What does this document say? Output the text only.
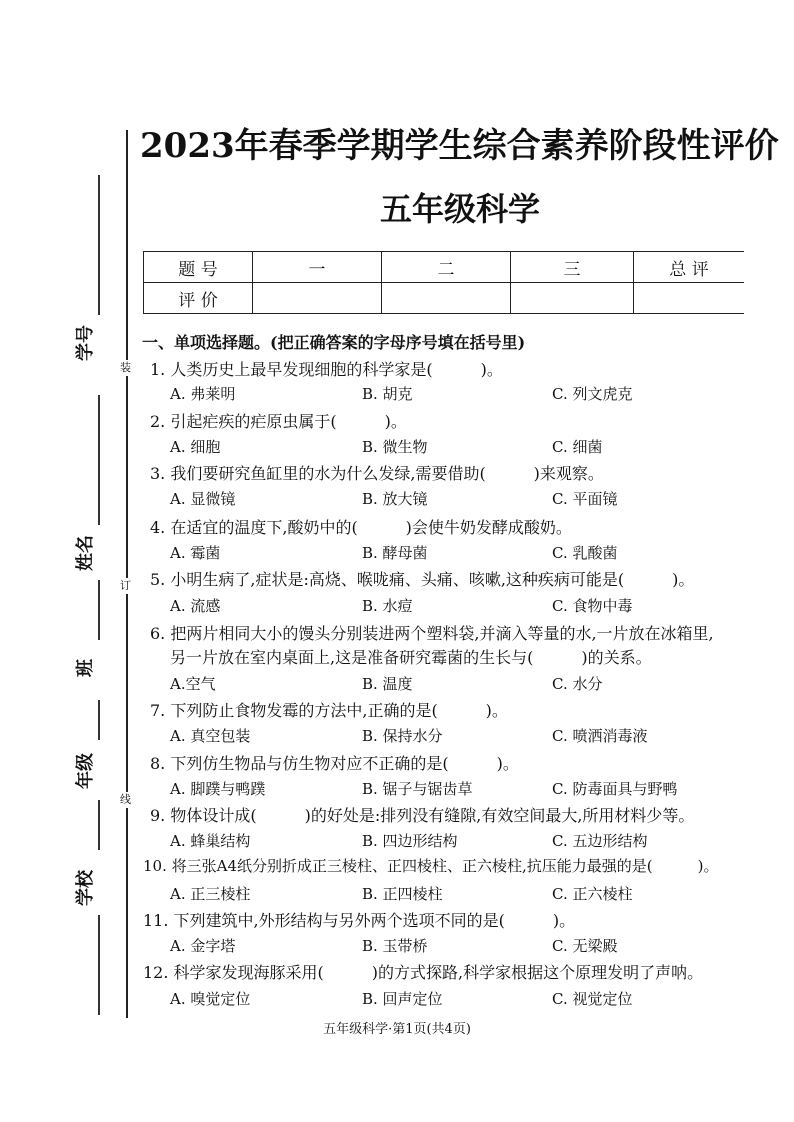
装
订
线
学号
姓名
班
年级
学校
2023年春季学期学生综合素养阶段性评价
五年级科学
题 号	一	二	三	总 评
评 价				
一、单项选择题。(把正确答案的字母序号填在括号里)
1. 人类历史上最早发现细胞的科学家是(　　　)。
A. 弗莱明	B. 胡克	C. 列文虎克
2. 引起疟疾的疟原虫属于(　　　)。
A. 细胞	B. 微生物	C. 细菌
3. 我们要研究鱼缸里的水为什么发绿,需要借助(　　　)来观察。
A. 显微镜	B. 放大镜	C. 平面镜
4. 在适宜的温度下,酸奶中的(　　　)会使牛奶发酵成酸奶。
A. 霉菌	B. 酵母菌	C. 乳酸菌
5. 小明生病了,症状是:高烧、喉咙痛、头痛、咳嗽,这种疾病可能是(　　　)。
A. 流感	B. 水痘	C. 食物中毒
6. 把两片相同大小的馒头分别装进两个塑料袋,并滴入等量的水,一片放在冰箱里,
另一片放在室内桌面上,这是准备研究霉菌的生长与(　　　)的关系。
A.空气	B. 温度	C. 水分
7. 下列防止食物发霉的方法中,正确的是(　　　)。
A. 真空包装	B. 保持水分	C. 喷洒消毒液
8. 下列仿生物品与仿生物对应不正确的是(　　　)。
A. 脚蹼与鸭蹼	B. 锯子与锯齿草	C. 防毒面具与野鸭
9. 物体设计成(　　　)的好处是:排列没有缝隙,有效空间最大,所用材料少等。
A. 蜂巢结构	B. 四边形结构	C. 五边形结构
10. 将三张A4纸分别折成正三棱柱、正四棱柱、正六棱柱,抗压能力最强的是(　　　)。
A. 正三棱柱	B. 正四棱柱	C. 正六棱柱
11. 下列建筑中,外形结构与另外两个选项不同的是(　　　)。
A. 金字塔	B. 玉带桥	C. 无梁殿
12. 科学家发现海豚采用(　　　)的方式探路,科学家根据这个原理发明了声呐。
A. 嗅觉定位	B. 回声定位	C. 视觉定位
五年级科学·第1页(共4页)
